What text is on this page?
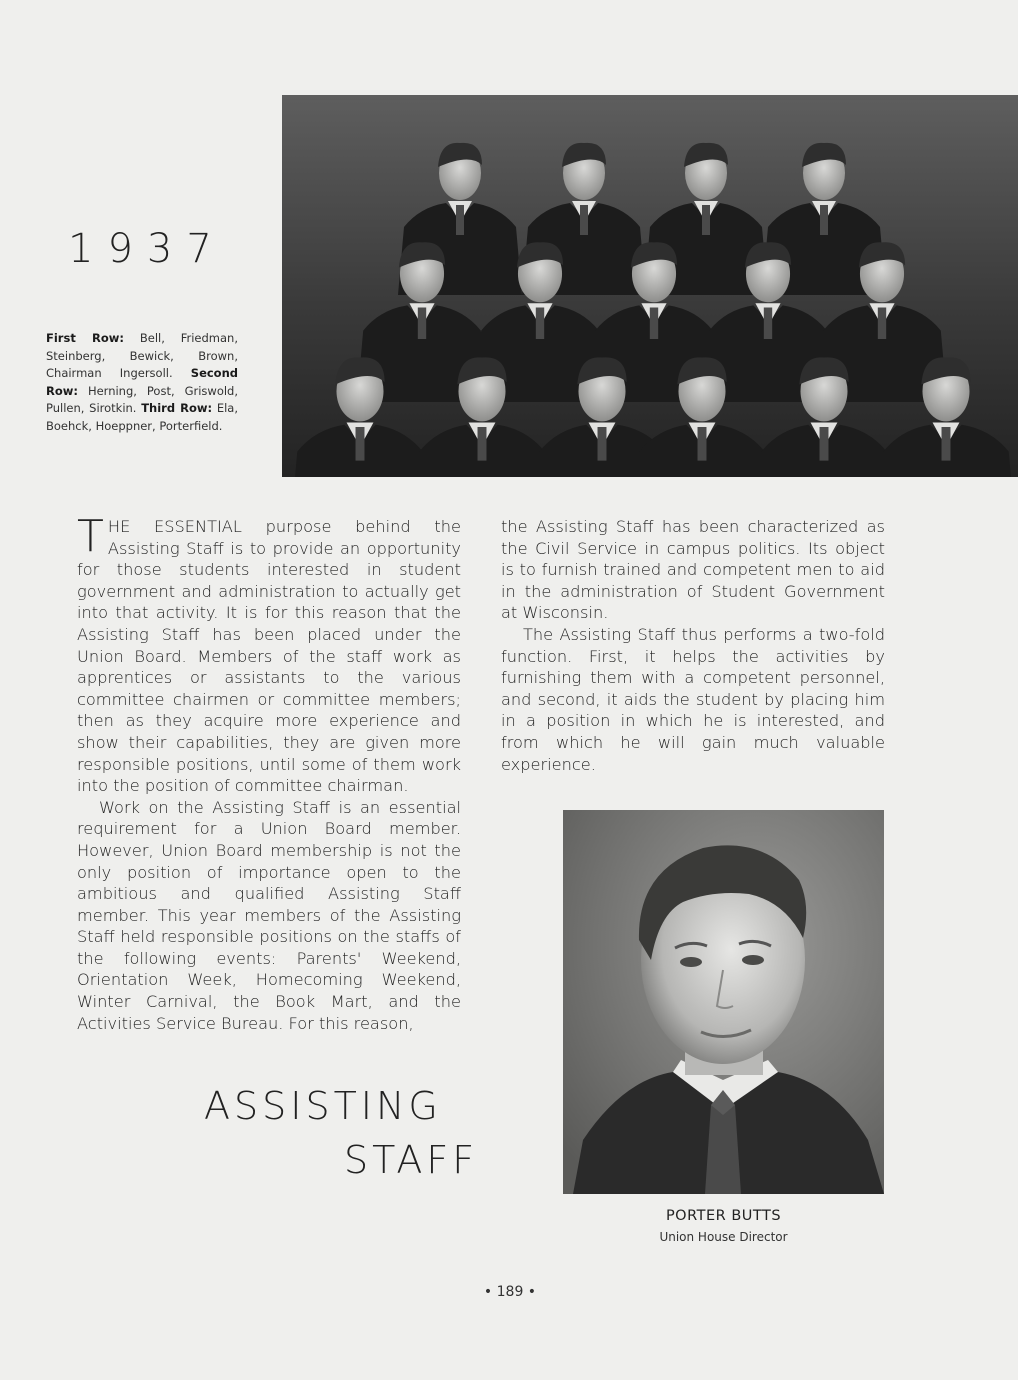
1937

First Row: Bell, Friedman, Steinberg, Bewick, Brown, Chairman Ingersoll. Second Row: Herning, Post, Griswold, Pullen, Sirotkin. Third Row: Ela, Boehck, Hoeppner, Porterfield.

THE ESSENTIAL purpose behind the Assisting Staff is to provide an opportunity for those students interested in student government and administration to actually get into that activity. It is for this reason that the Assisting Staff has been placed under the Union Board. Members of the staff work as apprentices or assistants to the various committee chairmen or committee members; then as they acquire more experience and show their capabilities, they are given more responsible positions, until some of them work into the position of committee chairman.

Work on the Assisting Staff is an essential requirement for a Union Board member. However, Union Board membership is not the only position of importance open to the ambitious and qualified Assisting Staff member. This year members of the Assisting Staff held responsible positions on the staffs of the following events: Parents' Weekend, Orientation Week, Homecoming Weekend, Winter Carnival, the Book Mart, and the Activities Service Bureau. For this reason,

the Assisting Staff has been characterized as the Civil Service in campus politics. Its object is to furnish trained and competent men to aid in the administration of Student Government at Wisconsin.

The Assisting Staff thus performs a two-fold function. First, it helps the activities by furnishing them with a competent personnel, and second, it aids the student by placing him in a position in which he is interested, and from which he will gain much valuable experience.

ASSISTING
STAFF

PORTER BUTTS

Union House Director

• 189 •
